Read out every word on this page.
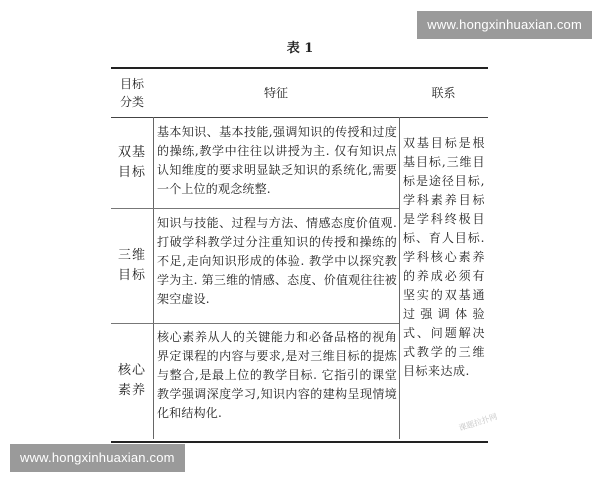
www.hongxinhuaxian.com
表 1
目标
分类
特征	联系
双基
目标
基本知识、基本技能,强调知识的传授和过度的操练,教学中往往以讲授为主. 仅有知识点认知维度的要求明显缺乏知识的系统化,需要一个上位的观念统整.
三维
目标
知识与技能、过程与方法、情感态度价值观. 打破学科教学过分注重知识的传授和操练的不足,走向知识形成的体验. 教学中以探究教学为主. 第三维的情感、态度、价值观往往被架空虚设.
核心
素养
核心素养从人的关键能力和必备品格的视角界定课程的内容与要求,是对三维目标的提炼与整合,是最上位的教学目标. 它指引的课堂教学强调深度学习,知识内容的建构呈现情境化和结构化.
双基目标是根基目标,三维目标是途径目标,学科素养目标是学科终极目标、育人目标. 学科核心素养的养成必须有坚实的双基通过强调体验式、问题解决式教学的三维目标来达成.
课题拉扑网
www.hongxinhuaxian.com
